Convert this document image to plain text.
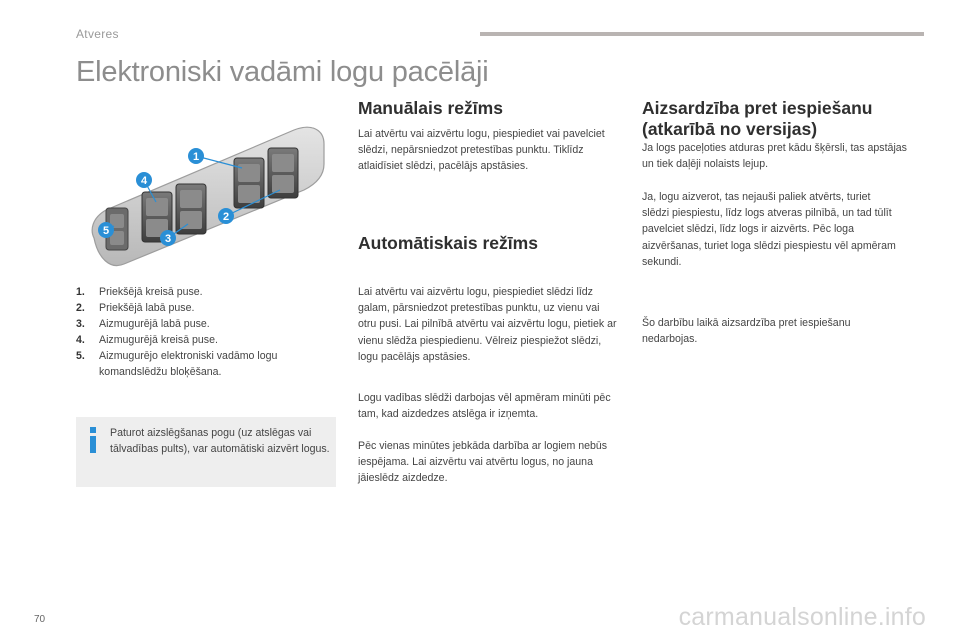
Atveres
Elektroniski vadāmi logu pacēlāji
1
2
3
4
5
1. Priekšējā kreisā puse.
2. Priekšējā labā puse.
3. Aizmugurējā labā puse.
4. Aizmugurējā kreisā puse.
5. Aizmugurējo elektroniski vadāmo logu komandslēdžu bloķēšana.

Paturot aizslēgšanas pogu (uz atslēgas vai tālvadības pults), var automātiski aizvērt logus.

Manuālais režīms

Lai atvērtu vai aizvērtu logu, piespiediet vai pavelciet slēdzi, nepārsniedzot pretestības punktu. Tiklīdz atlaidīsiet slēdzi, pacēlājs apstāsies.

Automātiskais režīms

Lai atvērtu vai aizvērtu logu, piespiediet slēdzi līdz galam, pārsniedzot pretestības punktu, uz vienu vai otru pusi. Lai pilnībā atvērtu vai aizvērtu logu, pietiek ar vienu slēdža piespiedienu. Vēlreiz piespiežot slēdzi, logu pacēlājs apstāsies.

Logu vadības slēdži darbojas vēl apmēram minūti pēc tam, kad aizdedzes atslēga ir izņemta.

Pēc vienas minūtes jebkāda darbība ar logiem nebūs iespējama. Lai aizvērtu vai atvērtu logus, no jauna jāieslēdz aizdedze.

Aizsardzība pret iespiešanu
(atkarībā no versijas)

Ja logs paceļoties atduras pret kādu šķērsli, tas apstājas un tiek daļēji nolaists lejup.

Ja, logu aizverot, tas nejauši paliek atvērts, turiet slēdzi piespiestu, līdz logs atveras pilnībā, un tad tūlīt pavelciet slēdzi, līdz logs ir aizvērts. Pēc loga aizvēršanas, turiet loga slēdzi piespiestu vēl apmēram sekundi.

Šo darbību laikā aizsardzība pret iespiešanu nedarbojas.

70	carmanualsonline.info
